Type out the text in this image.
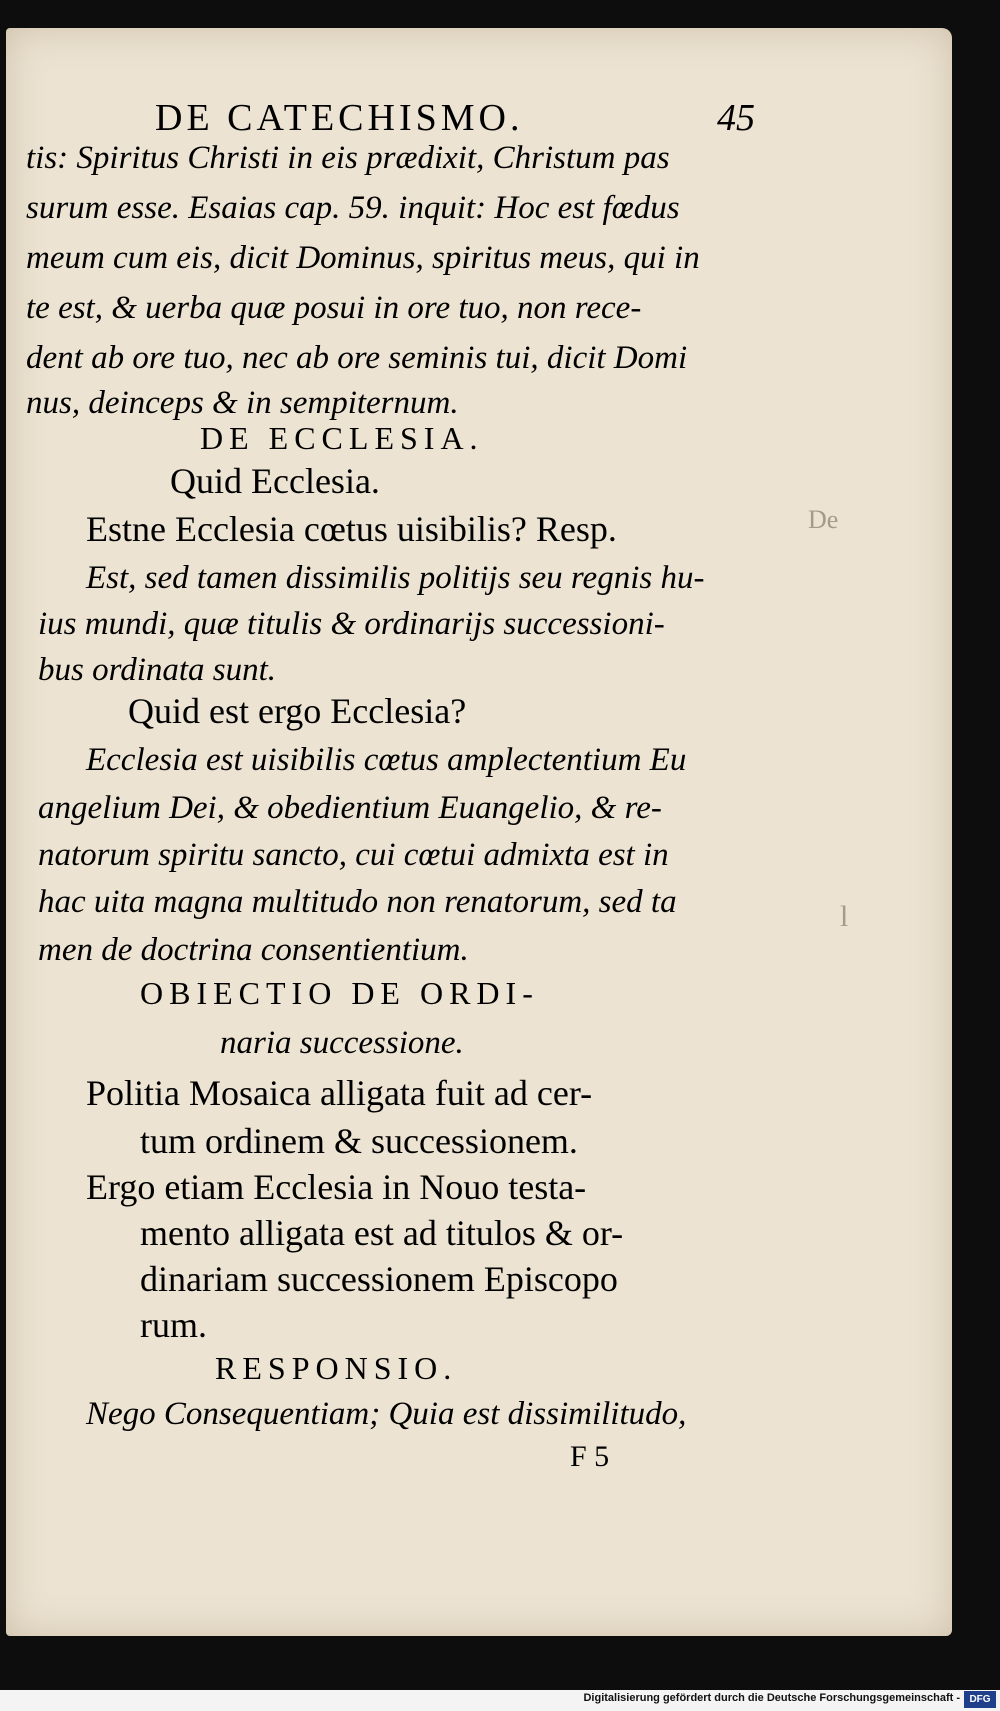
DE CATECHISMO.	45
tis: Spiritus Christi in eis prædixit, Christum pas
surum esse. Esaias cap. 59. inquit: Hoc est fœdus
meum cum eis, dicit Dominus, spiritus meus, qui in
te est, & uerba quæ posui in ore tuo, non rece-
dent ab ore tuo, nec ab ore seminis tui, dicit Domi
nus, deinceps & in sempiternum.
DE ECCLESIA.
Quid Ecclesia.
Estne Ecclesia cœtus uisibilis? Resp.
Est, sed tamen dissimilis politijs seu regnis hu-
ius mundi, quæ titulis & ordinarijs successioni-
bus ordinata sunt.
Quid est ergo Ecclesia?
Ecclesia est uisibilis cœtus amplectentium Eu
angelium Dei, & obedientium Euangelio, & re-
natorum spiritu sancto, cui cœtui admixta est in
hac uita magna multitudo non renatorum, sed ta
men de doctrina consentientium.
OBIECTIO DE ORDI-
naria successione.
Politia Mosaica alligata fuit ad cer-
tum ordinem & successionem.
Ergo etiam Ecclesia in Nouo testa-
mento alligata est ad titulos & or-
dinariam successionem Episcopo
rum.
RESPONSIO.
Nego Consequentiam; Quia est dissimilitudo,
F 5
De
l
Digitalisierung gefördert durch die Deutsche Forschungsgemeinschaft - DFG
